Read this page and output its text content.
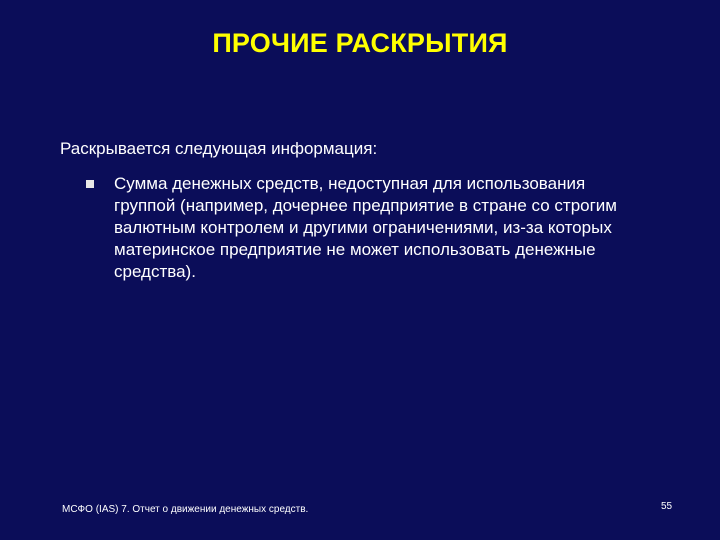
ПРОЧИЕ РАСКРЫТИЯ
Раскрывается следующая информация:
Сумма денежных средств, недоступная для использования группой (например, дочернее предприятие в стране со строгим валютным контролем и другими ограничениями, из-за которых материнское предприятие не может использовать денежные средства).
МСФО (IAS) 7. Отчет о движении денежных средств.	55
